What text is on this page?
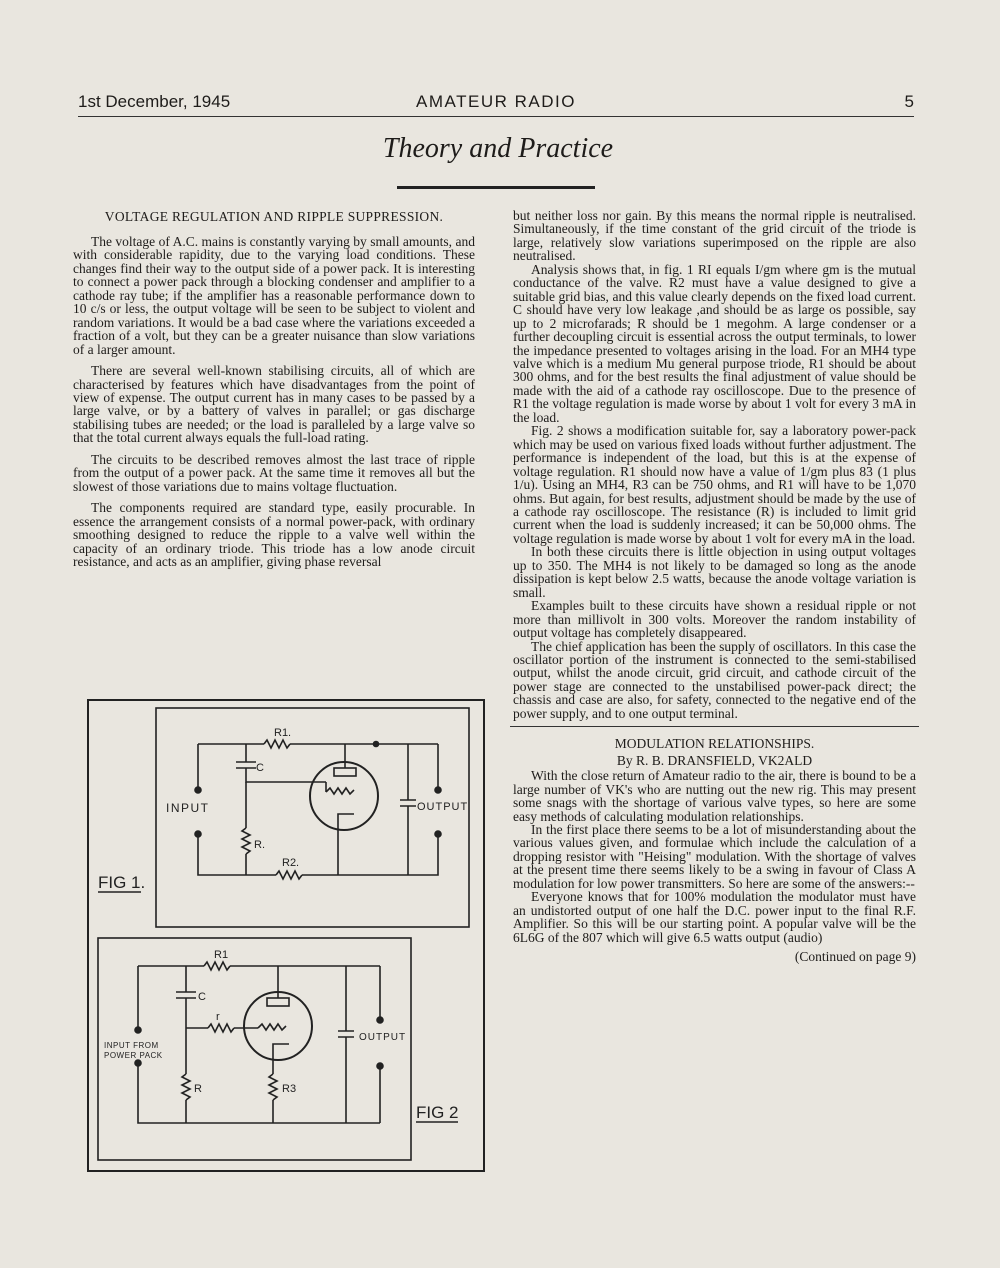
1st December, 1945	AMATEUR RADIO	5
Theory and Practice

VOLTAGE REGULATION AND RIPPLE SUPPRESSION.

The voltage of A.C. mains is constantly varying by small amounts, and with considerable rapidity, due to the varying load conditions. These changes find their way to the output side of a power pack. It is interesting to connect a power pack through a blocking condenser and amplifier to a cathode ray tube; if the amplifier has a reasonable performance down to 10 c/s or less, the output voltage will be seen to be subject to violent and random variations. It would be a bad case where the variations exceeded a fraction of a volt, but they can be a greater nuisance than slow variations of a larger amount.

There are several well-known stabilising circuits, all of which are characterised by features which have disadvantages from the point of view of expense. The output current has in many cases to be passed by a large valve, or by a battery of valves in parallel; or gas discharge stabilising tubes are needed; or the load is paralleled by a large valve so that the total current always equals the full-load rating.

The circuits to be described removes almost the last trace of ripple from the output of a power pack. At the same time it removes all but the slowest of those variations due to mains voltage fluctuation.

The components required are standard type, easily procurable. In essence the arrangement consists of a normal power-pack, with ordinary smoothing designed to reduce the ripple to a valve well within the capacity of an ordinary triode. This triode has a low anode circuit resistance, and acts as an amplifier, giving phase reversal

R1.
C
R.
R2.
INPUT	OUTPUT
FIG 1.
R1
C
r
R	R3
INPUT FROM
POWER PACK
OUTPUT
FIG 2

but neither loss nor gain. By this means the normal ripple is neutralised. Simultaneously, if the time constant of the grid circuit of the triode is large, relatively slow variations superimposed on the ripple are also neutralised.

Analysis shows that, in fig. 1 RI equals I/gm where gm is the mutual conductance of the valve. R2 must have a value designed to give a suitable grid bias, and this value clearly depends on the fixed load current. C should have very low leakage ,and should be as large os possible, say up to 2 microfarads; R should be 1 megohm. A large condenser or a further decoupling circuit is essential across the output terminals, to lower the impedance presented to voltages arising in the load. For an MH4 type valve which is a medium Mu general purpose triode, R1 should be about 300 ohms, and for the best results the final adjustment of value should be made with the aid of a cathode ray oscilloscope. Due to the presence of R1 the voltage regulation is made worse by about 1 volt for every 3 mA in the load.

Fig. 2 shows a modification suitable for, say a laboratory power-pack which may be used on various fixed loads without further adjustment. The performance is independent of the load, but this is at the expense of voltage regulation. R1 should now have a value of 1/gm plus 83 (1 plus 1/u). Using an MH4, R3 can be 750 ohms, and R1 will have to be 1,070 ohms. But again, for best results, adjustment should be made by the use of a cathode ray oscilloscope. The resistance (R) is included to limit grid current when the load is suddenly increased; it can be 50,000 ohms. The voltage regulation is made worse by about 1 volt for every mA in the load.

In both these circuits there is little objection in using output voltages up to 350. The MH4 is not likely to be damaged so long as the anode dissipation is kept below 2.5 watts, because the anode voltage variation is small.

Examples built to these circuits have shown a residual ripple or not more than millivolt in 300 volts. Moreover the random instability of output voltage has completely disappeared.

The chief application has been the supply of oscillators. In this case the oscillator portion of the instrument is connected to the semi-stabilised output, whilst the anode circuit, grid circuit, and cathode circuit of the power stage are connected to the unstabilised power-pack direct; the chassis and case are also, for safety, connected to the negative end of the power supply, and to one output terminal.

MODULATION RELATIONSHIPS.

By R. B. DRANSFIELD, VK2ALD

With the close return of Amateur radio to the air, there is bound to be a large number of VK's who are nutting out the new rig. This may present some snags with the shortage of various valve types, so here are some easy methods of calculating modulation relationships.

In the first place there seems to be a lot of misunderstanding about the various values given, and formulae which include the calculation of a dropping resistor with "Heising" modulation. With the shortage of valves at the present time there seems likely to be a swing in favour of Class A modulation for low power transmitters. So here are some of the answers:--

Everyone knows that for 100% modulation the modulator must have an undistorted output of one half the D.C. power input to the final R.F. Amplifier. So this will be our starting point. A popular valve will be the 6L6G of the 807 which will give 6.5 watts output (audio)

(Continued on page 9)
